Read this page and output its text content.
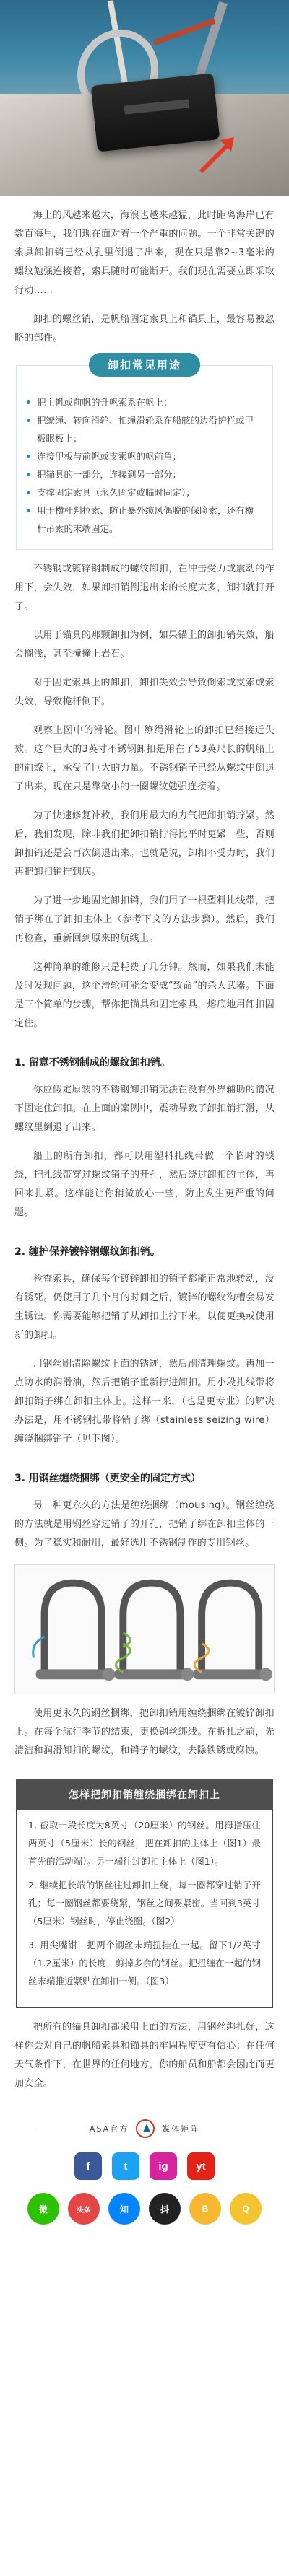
海上的风越来越大，海浪也越来越猛，此时距离海岸已有数百海里，我们现在面对着一个严重的问题。一个非常关键的索具卸扣销已经从孔里倒退了出来，现在只是靠2~3毫米的螺纹勉强连接着，索具随时可能断开。我们现在需要立即采取行动……

卸扣的螺丝销，是帆船固定索具上和锚具上，最容易被忽略的部件。

卸扣常见用途
把主帆或前帆的升帆索系在帆上；
把缭绳、转向滑轮、扣绳滑轮系在船舷的边沿护栏或甲板眼板上；
连接甲板与前帆或支索帆的帆前角；
把锚具的一部分，连接到另一部分；
支撑固定索具（永久固定或临时固定）；
用于横杆判拉索、防止暴外缆风偶脱的保险索，还有横杆吊索的末端固定。

不锈钢或镀锌钢制成的螺纹卸扣，在冲击受力或震动的作用下，会失效，如果卸扣销倒退出来的长度太多，卸扣就打开了。

以用于锚具的那颗卸扣为例，如果锚上的卸扣销失效，船会搁浅，甚至撞撞上岩石。

对于固定索具上的卸扣，卸扣失效会导致倒索或支索或索失效，导致桅杆倒下。

观察上图中的滑轮。图中缭绳滑轮上的卸扣已经接近失效。这个巨大的3英寸不锈钢卸扣是用在了53英尺长的帆船上的前缭上，承受了巨大的力量。不锈钢销子已经从螺纹中倒退了出来，现在只是靠微小的一圈螺纹勉强连接着。

为了快速修复补救，我们用最大的力气把卸扣销拧紧。然后，我们发现，除非我们把卸扣销拧得比平时更紧一些，否则卸扣销还是会再次倒退出来。也就是说，卸扣不受力时，我们再把卸扣销拧到底。

为了进一步地固定卸扣销，我们用了一根塑料扎线带，把销子绑在了卸扣主体上（参考下文的方法步骤）。然后，我们再检查，重新回到原来的航线上。

这种简单的维修只是耗费了几分钟。然而，如果我们未能及时发现问题，这个滑轮可能会变成“致命”的杀人武器。下面是三个简单的步骤，帮你把锚具和固定索具，熔底地用卸扣固定住。

1. 留意不锈钢制成的螺纹卸扣销。

你应假定原装的不锈钢卸扣销无法在没有外界辅助的情况下固定住卸扣。在上面的案例中，震动导致了卸扣销打滑，从螺纹里倒退了出来。

船上的所有卸扣，都可以用塑料扎线带做一个临时的锁绕，把扎线带穿过螺纹销子的开孔，然后绕过卸扣的主体，再回来扎紧。这样能让你稍微放心一些，防止发生更严重的问题。

2. 缠护保养镀锌钢螺纹卸扣销。

检查索具，确保每个镀锌卸扣的销子都能正常地转动，没有锈死。仍使用了几个月的时间之后，镀锌的螺纹沟槽会易发生锈蚀。你需要能够把销子从卸扣上拧下来，以便更换或使用新的卸扣。

用钢丝刷清除螺纹上面的锈迹，然后刷清理螺纹。再加一点防水的润滑油，然后把销子重新拧进卸扣。用小段扎线带将卸扣销子绑在卸扣主体上。这样一来，（也是更专业）的解决办法是，用不锈钢扎带将销子绑（stainless seizing wire）缠绕捆绑销子（见下图）。

3. 用钢丝缠绕捆绑（更安全的固定方式）

另一种更永久的方法是缠绕捆绑（mousing）。钢丝缠绕的方法就是用钢丝穿过销子的开孔，把销子绑在卸扣主体的一侧。为了稳实和耐用，最好选用不锈钢制作的专用钢丝。

使用更永久的钢丝捆绑，把卸扣销用缠绕捆绑在镀锌卸扣上。在每个航行季节的结束，更换钢丝绑线。在拆扎之前，先清洁和润滑卸扣的螺纹，和销子的螺纹，去除铁锈或腐蚀。

怎样把卸扣销缠绕捆绑在卸扣上

1. 截取一段长度为8英寸（20厘米）的钢丝。用拇指压住两英寸（5厘米）长的钢丝，把在卸扣的主体上（图1）最首先的活动端）。另一端往过卸扣主体上（图1）。

2. 继续把长端的钢丝往过卸扣上绕，每一圈都穿过销子开孔；每一圈钢丝都要绕紧，钢丝之间要紧密。当回到3英寸（5厘米）钢丝时，停止绕圈。（图2）

3. 用尖嘴钳，把两个钢丝末端扭挂在一起。留下1/2英寸（1.2厘米）的长度，剪掉多余的钢丝。把扭缠在一起的钢丝末端推近紧贴在卸扣一侧。（图3）

把所有的锚具卸扣都采用上面的方法，用钢丝绑扎好，这样你会对自己的帆船索具和锚具的牢固程度更有信心；在任何天气条件下，在世界的任何地方，你的船员和船都会因此而更加安全。

ASA官方	媒体矩阵
f	t	ig	yt
微	头条	知	抖	B	Q
